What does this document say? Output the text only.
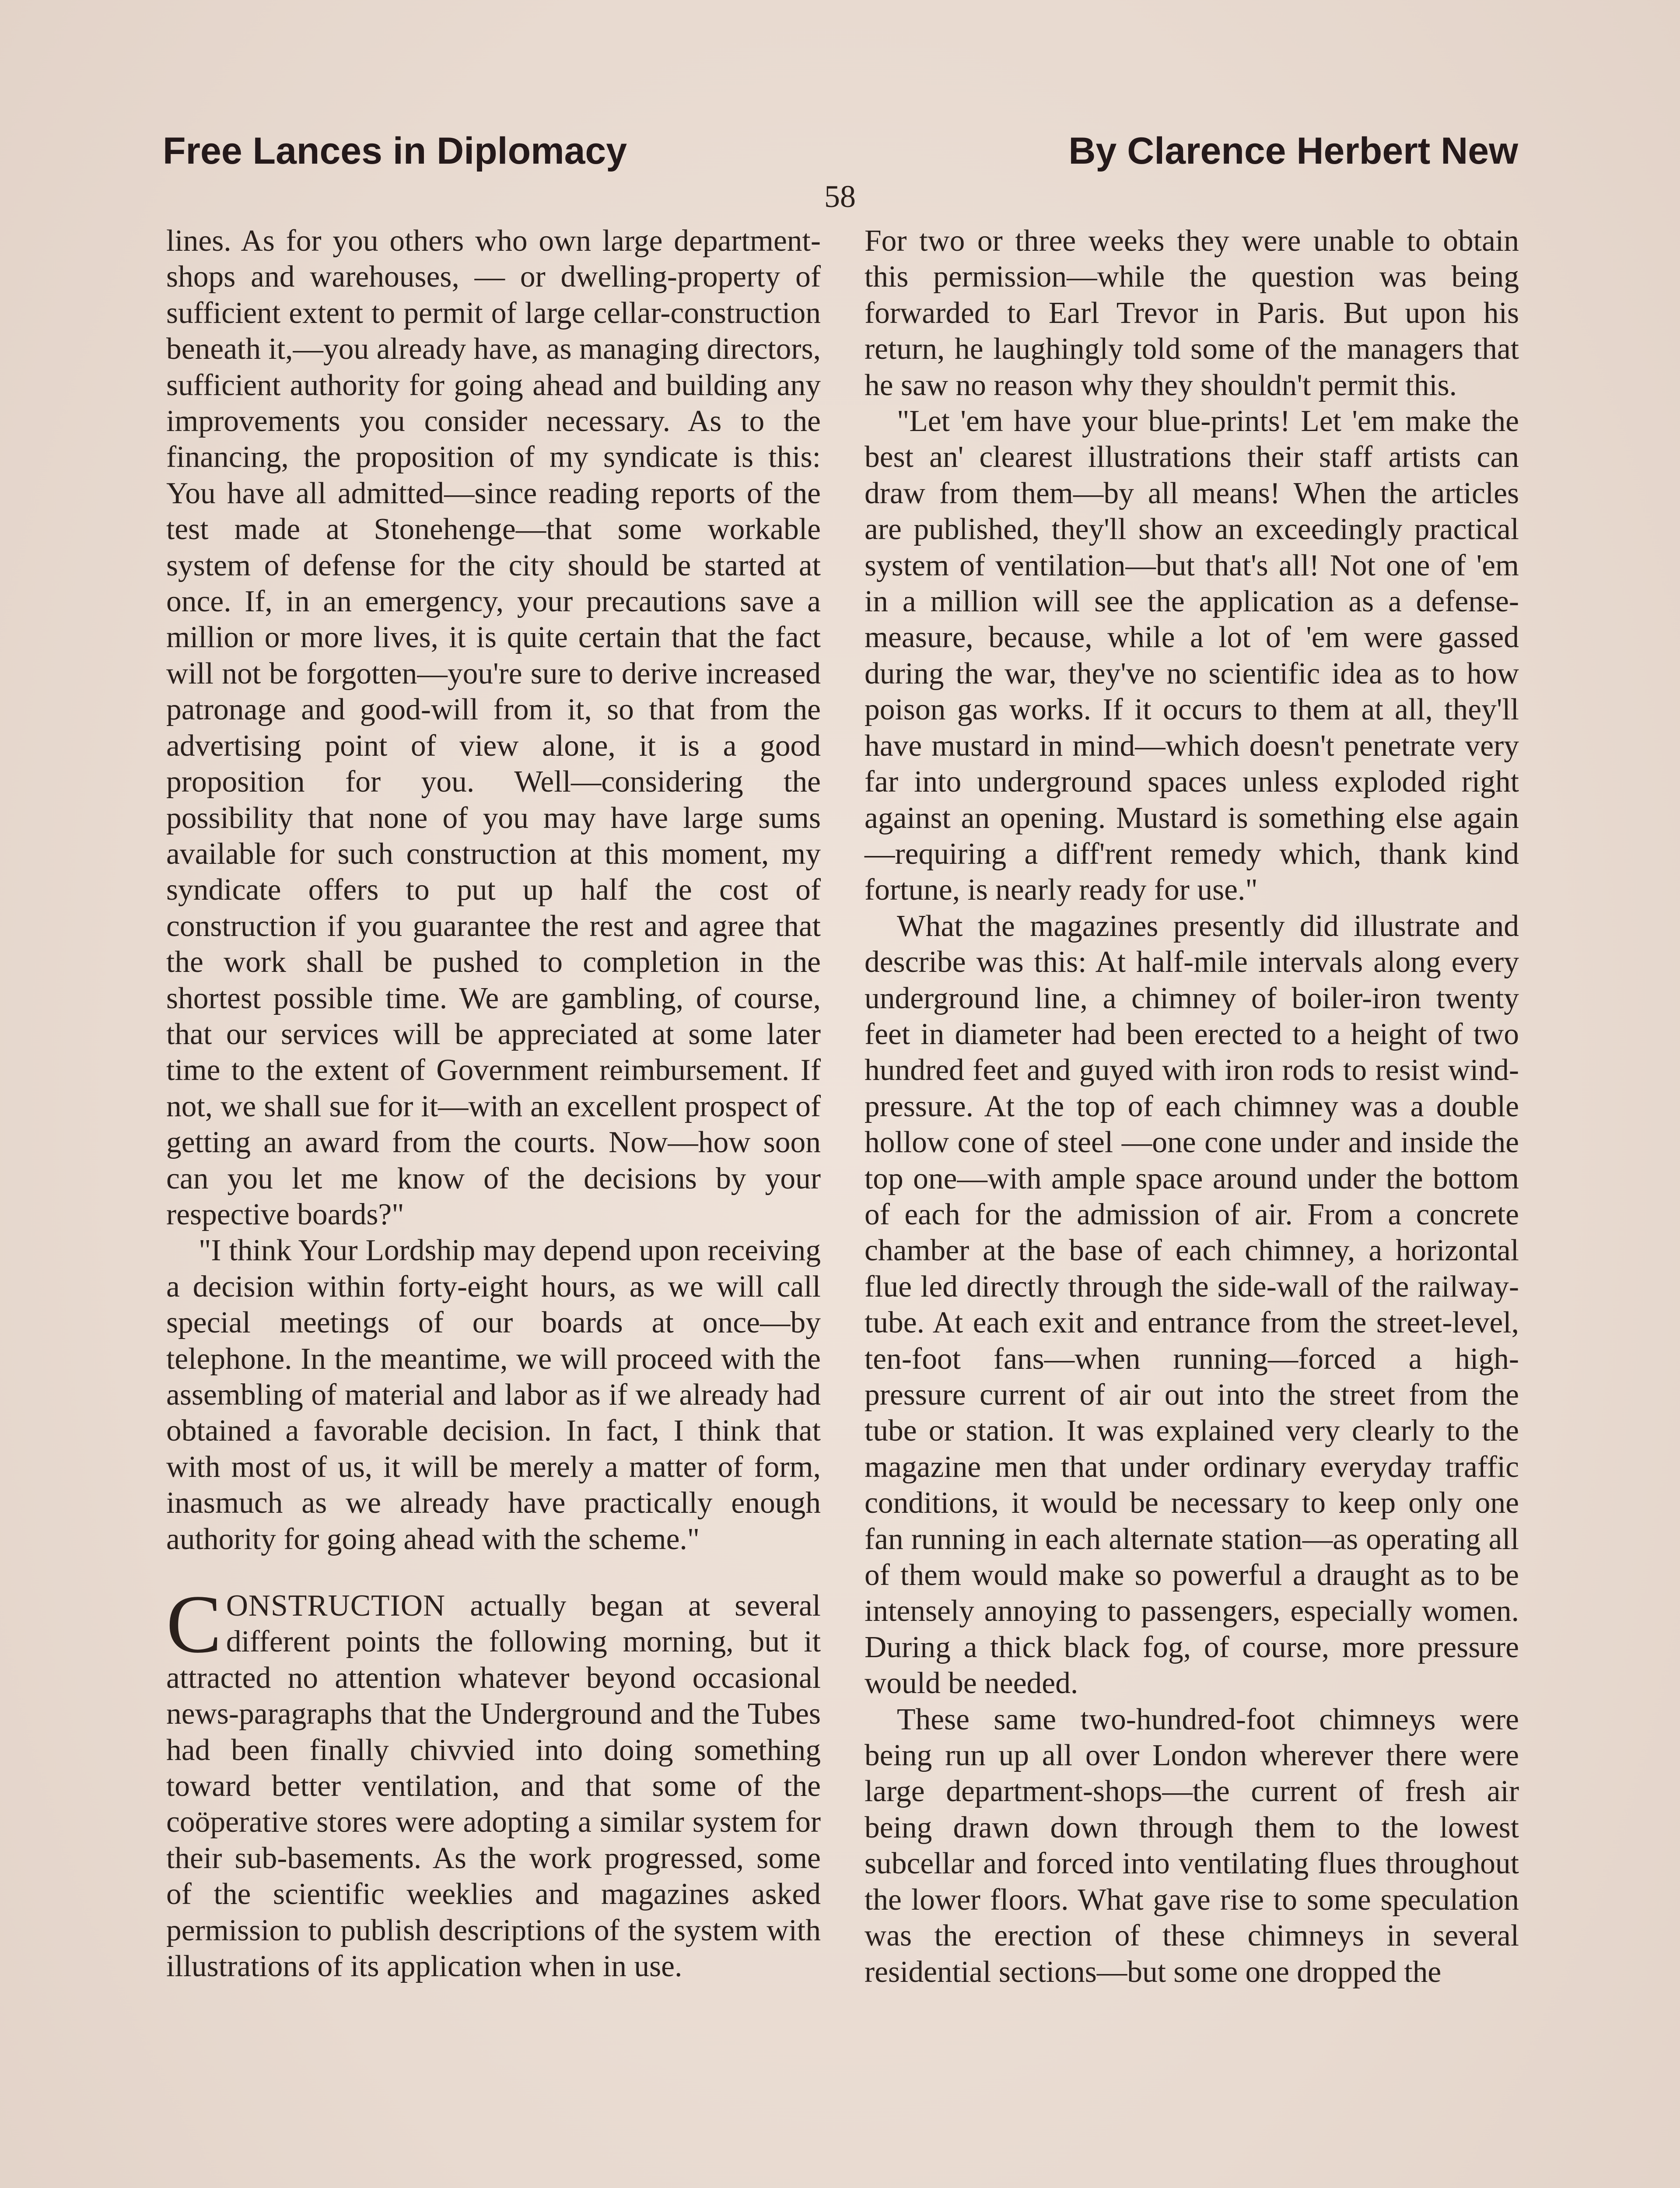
Free Lances in Diplomacy	By Clarence Herbert New
58

lines. As for you others who own large department-shops and warehouses, — or dwelling-property of sufficient extent to permit of large cellar-construction beneath it,—you already have, as managing directors, sufficient authority for going ahead and building any improvements you consider necessary. As to the financing, the proposition of my syndicate is this: You have all admitted—since reading reports of the test made at Stonehenge—that some workable system of defense for the city should be started at once. If, in an emergency, your precautions save a million or more lives, it is quite certain that the fact will not be forgotten—you're sure to derive increased patronage and good-will from it, so that from the advertising point of view alone, it is a good proposition for you. Well—considering the possibility that none of you may have large sums available for such construction at this moment, my syndicate offers to put up half the cost of construction if you guarantee the rest and agree that the work shall be pushed to completion in the shortest possible time. We are gambling, of course, that our services will be appreciated at some later time to the extent of Government reimbursement. If not, we shall sue for it—with an excellent prospect of getting an award from the courts. Now—how soon can you let me know of the decisions by your respective boards?"

"I think Your Lordship may depend upon receiving a decision within forty-eight hours, as we will call special meetings of our boards at once—by telephone. In the meantime, we will proceed with the assembling of material and labor as if we already had obtained a favorable decision. In fact, I think that with most of us, it will be merely a matter of form, inasmuch as we already have practically enough authority for going ahead with the scheme."

CONSTRUCTION actually began at several different points the following morning, but it attracted no attention whatever beyond occasional news-paragraphs that the Underground and the Tubes had been finally chivvied into doing something toward better ventilation, and that some of the coöperative stores were adopting a similar system for their sub-basements. As the work progressed, some of the scientific weeklies and magazines asked permission to publish descriptions of the system with illustrations of its application when in use.

For two or three weeks they were unable to obtain this permission—while the question was being forwarded to Earl Trevor in Paris. But upon his return, he laughingly told some of the managers that he saw no reason why they shouldn't permit this.

"Let 'em have your blue-prints! Let 'em make the best an' clearest illustrations their staff artists can draw from them—by all means! When the articles are published, they'll show an exceedingly practical system of ventilation—but that's all! Not one of 'em in a million will see the application as a defense-measure, because, while a lot of 'em were gassed during the war, they've no scientific idea as to how poison gas works. If it occurs to them at all, they'll have mustard in mind—which doesn't penetrate very far into underground spaces unless exploded right against an opening. Mustard is something else again—requiring a diff'rent remedy which, thank kind fortune, is nearly ready for use."

What the magazines presently did illustrate and describe was this: At half-mile intervals along every underground line, a chimney of boiler-iron twenty feet in diameter had been erected to a height of two hundred feet and guyed with iron rods to resist wind-pressure. At the top of each chimney was a double hollow cone of steel —one cone under and inside the top one—with ample space around under the bottom of each for the admission of air. From a concrete chamber at the base of each chimney, a horizontal flue led directly through the side-wall of the railway-tube. At each exit and entrance from the street-level, ten-foot fans—when running—forced a high-pressure current of air out into the street from the tube or station. It was explained very clearly to the magazine men that under ordinary everyday traffic conditions, it would be necessary to keep only one fan running in each alternate station—as operating all of them would make so powerful a draught as to be intensely annoying to passengers, especially women. During a thick black fog, of course, more pressure would be needed.

These same two-hundred-foot chimneys were being run up all over London wherever there were large department-shops—the current of fresh air being drawn down through them to the lowest subcellar and forced into ventilating flues throughout the lower floors. What gave rise to some speculation was the erection of these chimneys in several residential sections—but some one dropped the
